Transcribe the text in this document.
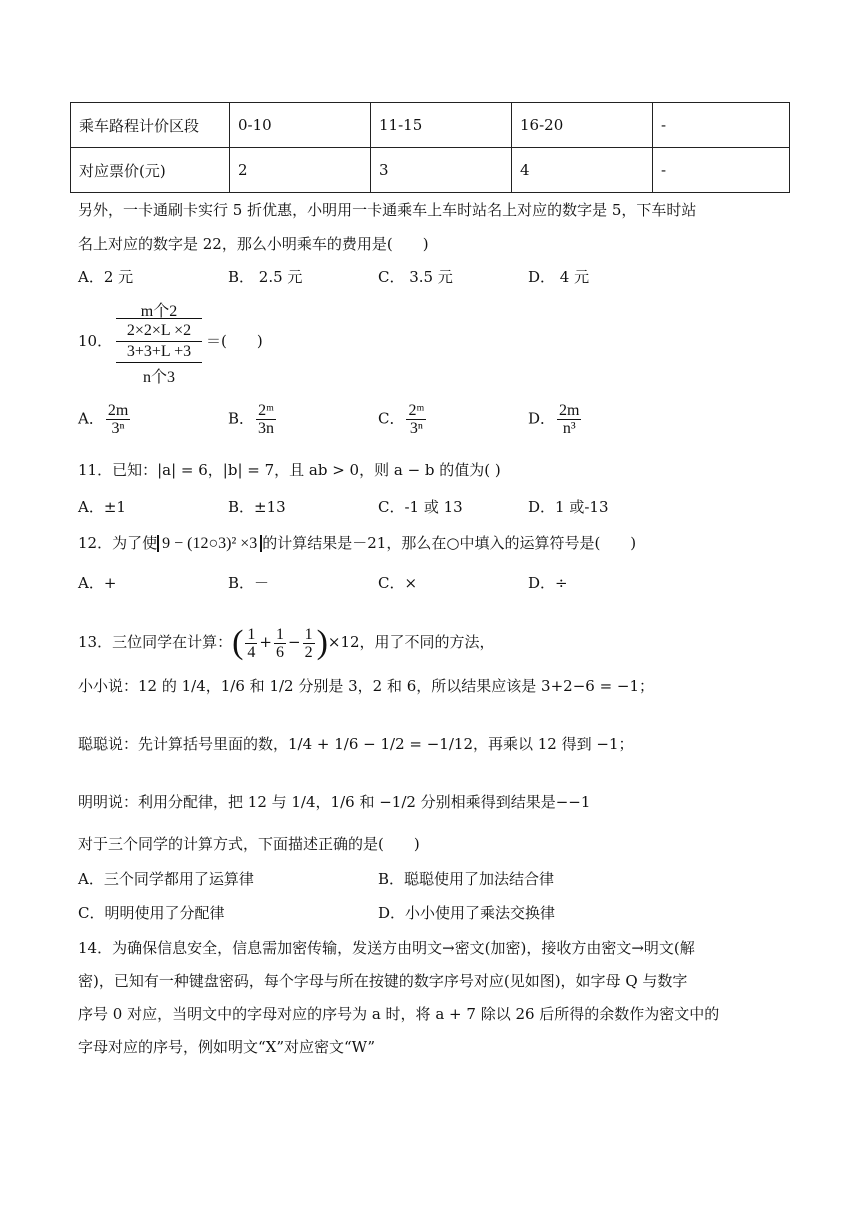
乘车路程计价区段	0-10	11-15	16-20	-
对应票价(元)	2	3	4	-
另外，一卡通刷卡实行 5 折优惠，小明用一卡通乘车上车时站名上对应的数字是 5，下车时站
名上对应的数字是 22，那么小明乘车的费用是(　　)
A．2 元	B． 2.5 元	C． 3.5 元	D． 4 元
10．
m个2
2×2×L ×2
3+3+L +3
n个3
＝(　　)
A． $\frac{2m}{\text{3ⁿ}}$	B． $\frac{\text{2ᵐ}}{3n}$	C． $\frac{\text{2ᵐ}}{\text{3ⁿ}}$	D． $\frac{2m}{\text{n³}}$
11．已知：|a| = 6，|b| = 7，且 ab > 0，则 a − b 的值为( )
A．±1	B．±13	C．-1 或 13	D．1 或-13
12．为了使 9 − (12○3)² ×3 的计算结果是－21，那么在○中填入的运算符号是(　　)
A．+	B．－	C．×	D．÷
13．三位同学在计算：( $\frac{1}{4} + \frac{1}{6} - \frac{1}{2} )\times 12$，用了不同的方法，
小小说：12 的 1/4，1/6 和 1/2 分别是 3，2 和 6，所以结果应该是 3+2−6 = −1；
聪聪说：先计算括号里面的数，1/4 + 1/6 − 1/2 = −1/12，再乘以 12 得到 −1；
明明说：利用分配律，把 12 与 1/4，1/6 和 −1/2 分别相乘得到结果是−−1
对于三个同学的计算方式，下面描述正确的是(　　)
A．三个同学都用了运算律	B．聪聪使用了加法结合律
C．明明使用了分配律	D．小小使用了乘法交换律
14．为确保信息安全，信息需加密传输，发送方由明文→密文(加密)，接收方由密文→明文(解
密)，已知有一种键盘密码，每个字母与所在按键的数字序号对应(见如图)，如字母 Q 与数字
序号 0 对应，当明文中的字母对应的序号为 a 时，将 a + 7 除以 26 后所得的余数作为密文中的
字母对应的序号，例如明文“X”对应密文“W”
